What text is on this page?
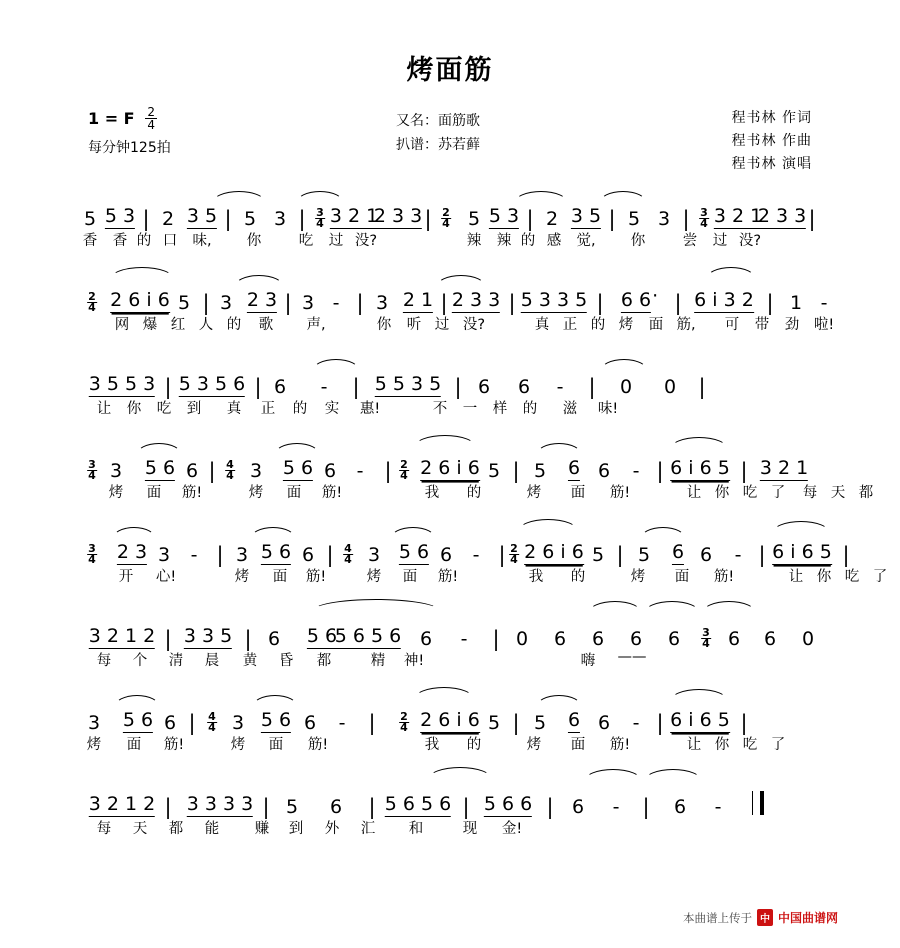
烤面筋
1 = F $\frac{2}{4}$
每分钟125拍
又名：面筋歌
扒谱：苏若藓
程书林 作词
程书林 作曲
程书林 演唱
5 5 3 | 2 3 5 | 5 3 | 3
4 3 2 1
2 3 3 | 2
4 5 5 3 | 2 3 5 | 5 3 | 3
4 3 2 1
2 3 3 |
香 香 的 口 味, 你	吃 过 没?	辣 辣 的 感 觉, 你	尝 过 没?
2
4 2 6 i 6 5 | 3 2 3 | 3 - | 3 2 1 | 2 3 3 | 5 3 3 5 | 6 6 · | 6 i 3 2 | 1 -
网 爆 红 人 的 歌 声,	你 听 过 没?	真 正 的 烤 面 筋, 可 带 劲 啦!
3 5 5 3 | 5 3 5 6 | 6 - | 5 5 3 5 | 6 6 - | 0 0 |
让 你 吃 到 真 正 的 实 惠!	不 一 样 的 滋 味!
3
4 3 5 6 6 | 4
4 3 5 6 6 - | 2
4 2 6 i 6 5 | 5 6 6 - | 6 i 6 5 | 3 2 1
烤 面 筋!	烤 面 筋!	我 的	烤 面 筋!	让 你 吃 了 每 天 都
3
4 2 3 3 - | 3 5 6 6 | 4
4 3 5 6 6 - | 2
4 2 6 i 6 5 | 5 6 6 - | 6 i 6 5 |
开 心!	烤 面 筋!	烤 面 筋!	我 的	烤 面 筋!	让 你 吃 了
3 2 1 2 | 3 3 5 | 6 5 6
5 6 5 6 6 - | 0 6 6 6 6 3
4 6 6 0
每 个 清 晨 黄 昏 都	精 神!	嗨 ——
3 5 6 6 | 4
4 3 5 6 6 - | 2
4 2 6 i 6 5 | 5 6 6 - | 6 i 6 5 |
烤 面 筋!	烤 面 筋!	我 的	烤 面 筋!	让 你 吃 了
3 2 1 2 | 3 3 3 3 | 5 6 | 5 6 5 6 | 5 6 6 | 6 - | 6 -
每 天 都 能 赚 到 外 汇 和	现 金!
本曲谱上传于 中 中国曲谱网
